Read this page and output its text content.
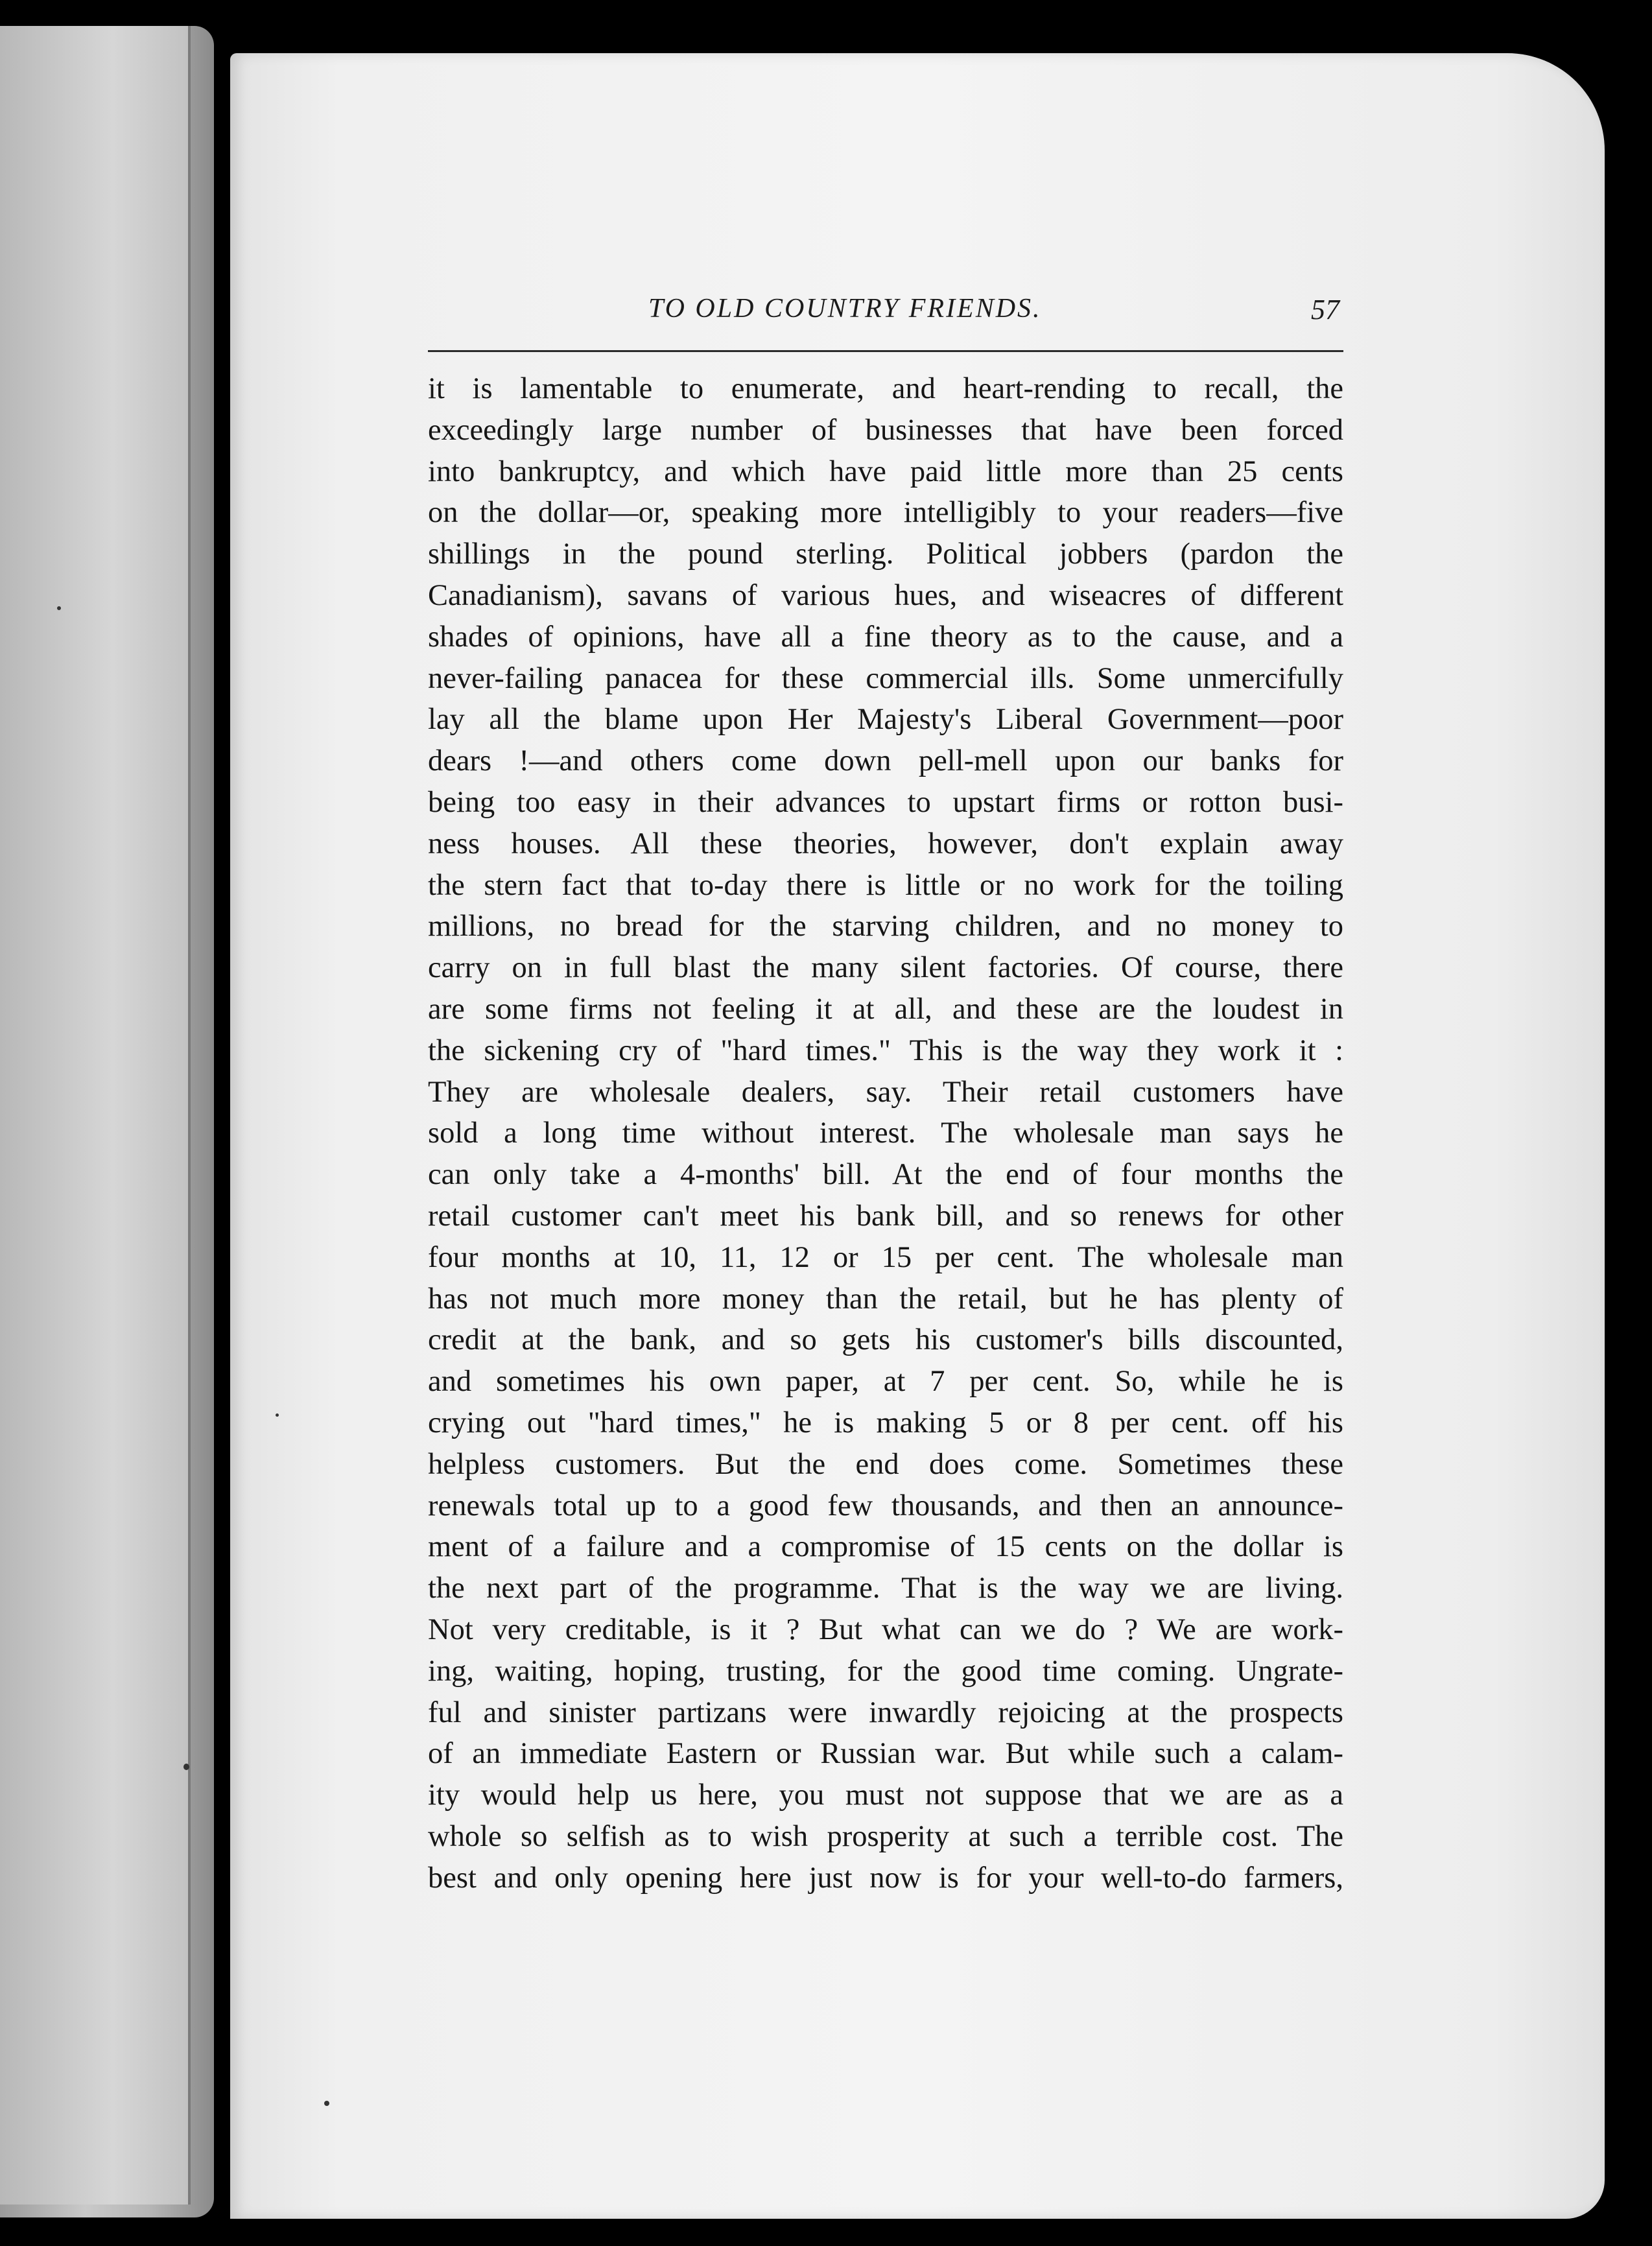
TO OLD COUNTRY FRIENDS.	57
it is lamentable to enumerate, and heart-rending to recall, the
exceedingly large number of businesses that have been forced
into bankruptcy, and which have paid little more than 25 cents
on the dollar—or, speaking more intelligibly to your readers—five
shillings in the pound sterling. Political jobbers (pardon the
Canadianism), savans of various hues, and wiseacres of different
shades of opinions, have all a fine theory as to the cause, and a
never-failing panacea for these commercial ills. Some unmercifully
lay all the blame upon Her Majesty's Liberal Government—poor
dears !—and others come down pell-mell upon our banks for
being too easy in their advances to upstart firms or rotton busi-
ness houses. All these theories, however, don't explain away
the stern fact that to-day there is little or no work for the toiling
millions, no bread for the starving children, and no money to
carry on in full blast the many silent factories. Of course, there
are some firms not feeling it at all, and these are the loudest in
the sickening cry of "hard times." This is the way they work it :
They are wholesale dealers, say. Their retail customers have
sold a long time without interest. The wholesale man says he
can only take a 4-months' bill. At the end of four months the
retail customer can't meet his bank bill, and so renews for other
four months at 10, 11, 12 or 15 per cent. The wholesale man
has not much more money than the retail, but he has plenty of
credit at the bank, and so gets his customer's bills discounted,
and sometimes his own paper, at 7 per cent. So, while he is
crying out "hard times," he is making 5 or 8 per cent. off his
helpless customers. But the end does come. Sometimes these
renewals total up to a good few thousands, and then an announce-
ment of a failure and a compromise of 15 cents on the dollar is
the next part of the programme. That is the way we are living.
Not very creditable, is it ? But what can we do ? We are work-
ing, waiting, hoping, trusting, for the good time coming. Ungrate-
ful and sinister partizans were inwardly rejoicing at the prospects
of an immediate Eastern or Russian war. But while such a calam-
ity would help us here, you must not suppose that we are as a
whole so selfish as to wish prosperity at such a terrible cost. The
best and only opening here just now is for your well-to-do farmers,
